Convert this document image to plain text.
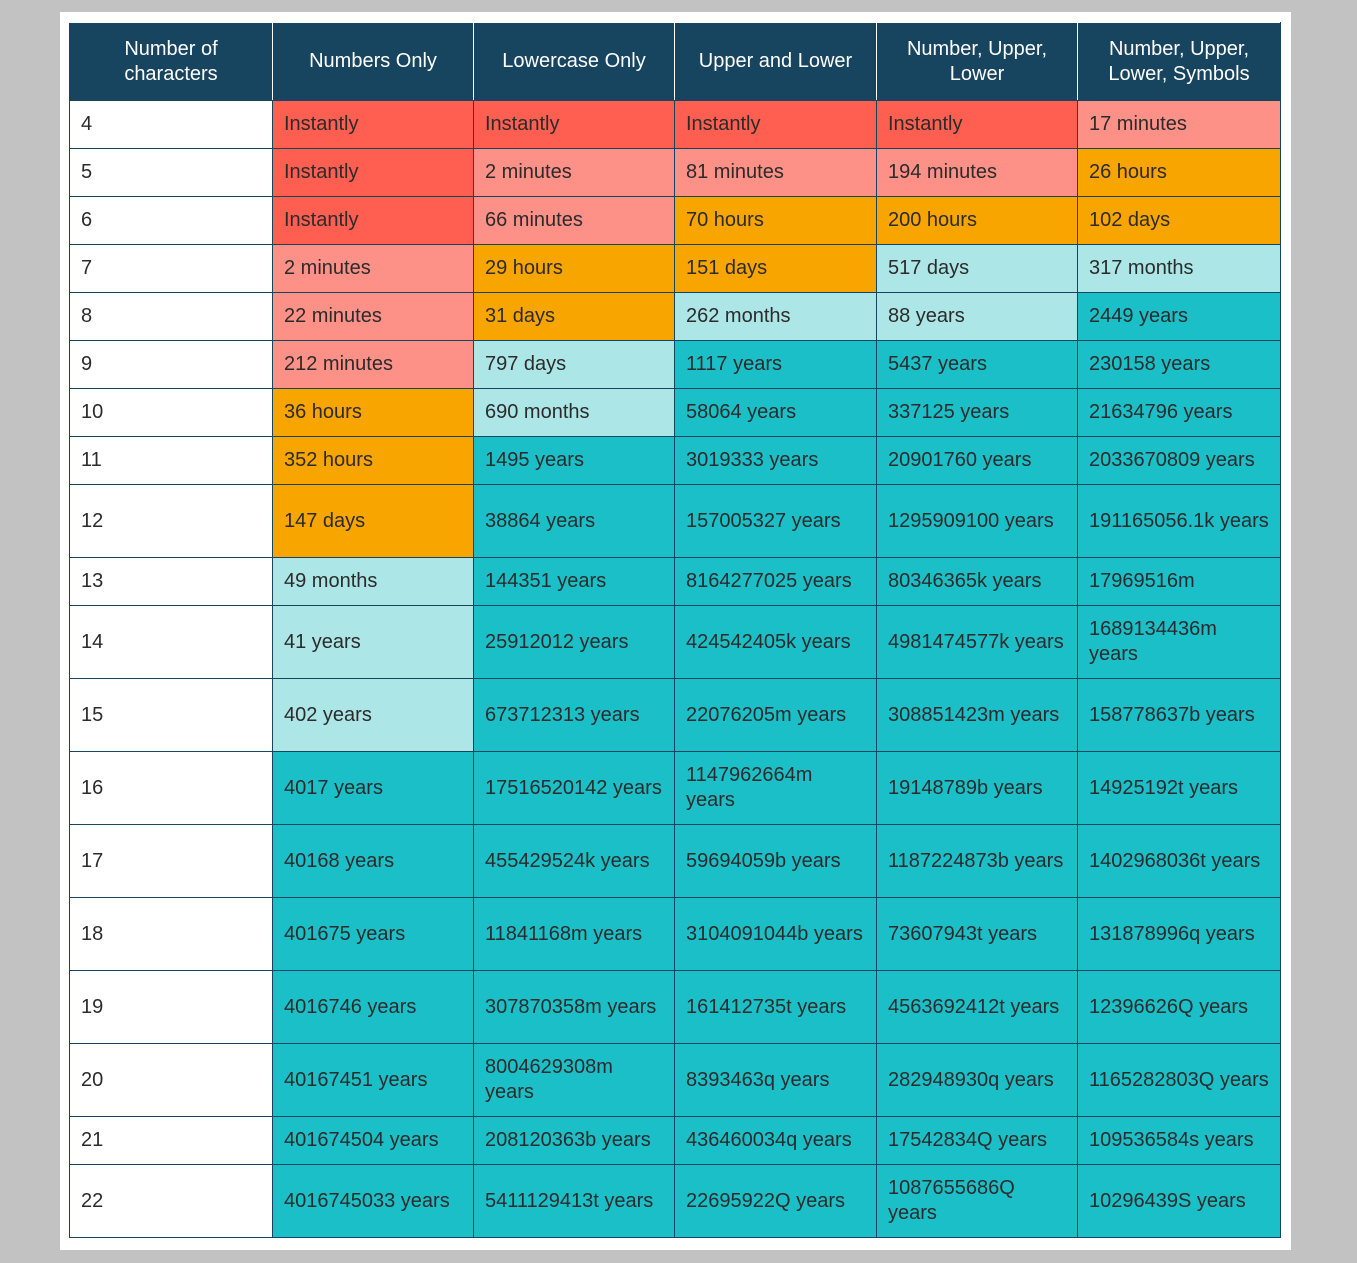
Number of characters	Numbers Only	Lowercase Only	Upper and Lower	Number, Upper, Lower	Number, Upper, Lower, Symbols
4	Instantly	Instantly	Instantly	Instantly	17 minutes
5	Instantly	2 minutes	81 minutes	194 minutes	26 hours
6	Instantly	66 minutes	70 hours	200 hours	102 days
7	2 minutes	29 hours	151 days	517 days	317 months
8	22 minutes	31 days	262 months	88 years	2449 years
9	212 minutes	797 days	1117 years	5437 years	230158 years
10	36 hours	690 months	58064 years	337125 years	21634796 years
11	352 hours	1495 years	3019333 years	20901760 years	2033670809 years
12	147 days	38864 years	157005327 years	1295909100 years	191165056.1k years
13	49 months	144351 years	8164277025 years	80346365k years	17969516m
14	41 years	25912012 years	424542405k years	4981474577k years	1689134436m years
15	402 years	673712313 years	22076205m years	308851423m years	158778637b years
16	4017 years	17516520142 years	1147962664m years	19148789b years	14925192t years
17	40168 years	455429524k years	59694059b years	1187224873b years	1402968036t years
18	401675 years	11841168m years	3104091044b years	73607943t years	131878996q years
19	4016746 years	307870358m years	161412735t years	4563692412t years	12396626Q years
20	40167451 years	8004629308m years	8393463q years	282948930q years	1165282803Q years
21	401674504 years	208120363b years	436460034q years	17542834Q years	109536584s years
22	4016745033 years	5411129413t years	22695922Q years	1087655686Q years	10296439S years
